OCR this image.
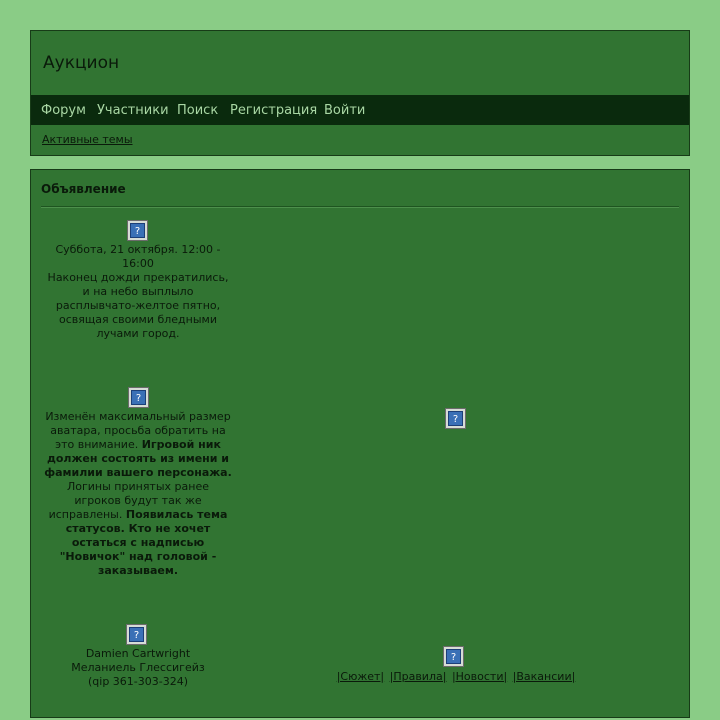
Аукцион
Форум Участники Поиск Регистрация Войти
Активные темы
Объявление
?
Суббота, 21 октября. 12:00 - 16:00
Наконец дожди прекратились, и на небо выплыло расплывчато-желтое пятно, освящая своими бледными лучами город.
?
Изменён максимальный размер аватара, просьба обратить на это внимание. Игровой ник должен состоять из имени и фамилии вашего персонажа. Логины принятых ранее игроков будут так же исправлены. Появилась тема статусов. Кто не хочет остаться с надписью "Новичок" над головой - заказываем.
?
Damien Cartwright
Меланиель Глессигейз
(qip 361-303-324)
?
?
|Сюжет| |Правила| |Новости| |Вакансии|
